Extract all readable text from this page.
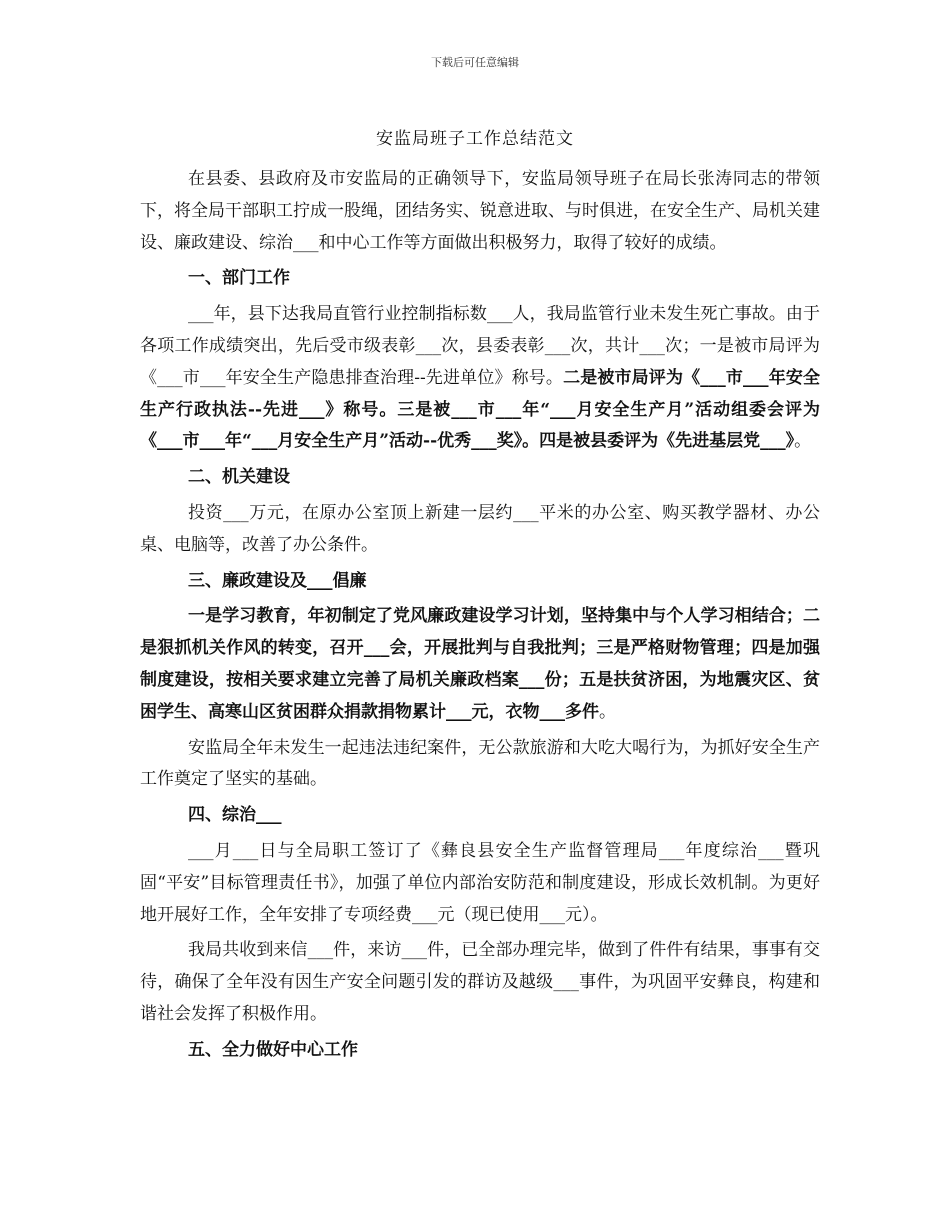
下载后可任意编辑
安监局班子工作总结范文

在县委、县政府及市安监局的正确领导下，安监局领导班子在局长张涛同志的带领下，将全局干部职工拧成一股绳，团结务实、锐意进取、与时俱进，在安全生产、局机关建设、廉政建设、综治___和中心工作等方面做出积极努力，取得了较好的成绩。

一、部门工作

___年，县下达我局直管行业控制指标数___人，我局监管行业未发生死亡事故。由于各项工作成绩突出，先后受市级表彰___次，县委表彰___次，共计___次；一是被市局评为《___市___年安全生产隐患排查治理--先进单位》称号。二是被市局评为《___市___年安全生产行政执法--先进___》称号。三是被___市___年“___月安全生产月”活动组委会评为《___市___年“___月安全生产月”活动--优秀___奖》。四是被县委评为《先进基层党___》。

二、机关建设

投资___万元，在原办公室顶上新建一层约___平米的办公室、购买教学器材、办公桌、电脑等，改善了办公条件。

三、廉政建设及___倡廉

一是学习教育，年初制定了党风廉政建设学习计划，坚持集中与个人学习相结合；二是狠抓机关作风的转变，召开___会，开展批判与自我批判；三是严格财物管理；四是加强制度建设，按相关要求建立完善了局机关廉政档案___份；五是扶贫济困，为地震灾区、贫困学生、高寒山区贫困群众捐款捐物累计___元，衣物___多件。

安监局全年未发生一起违法违纪案件，无公款旅游和大吃大喝行为，为抓好安全生产工作奠定了坚实的基础。

四、综治___

___月___日与全局职工签订了《彝良县安全生产监督管理局___年度综治___暨巩固“平安”目标管理责任书》，加强了单位内部治安防范和制度建设，形成长效机制。为更好地开展好工作，全年安排了专项经费___元（现已使用___元）。

我局共收到来信___件，来访___件，已全部办理完毕，做到了件件有结果，事事有交待，确保了全年没有因生产安全问题引发的群访及越级___事件，为巩固平安彝良，构建和谐社会发挥了积极作用。

五、全力做好中心工作
